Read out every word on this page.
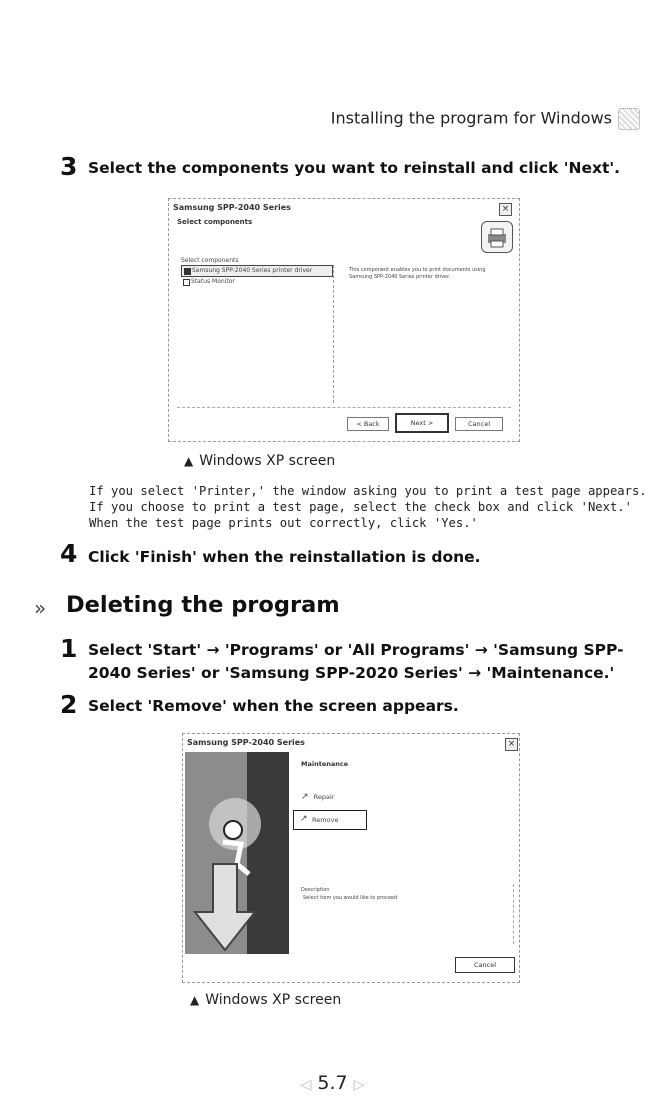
Installing the program for Windows
3 Select the components you want to reinstall and click 'Next'.
Samsung SPP-2040 Series	×
Select components
Select components
Samsung SPP-2040 Series printer driver
Status Monitor
This component enables you to print documents using Samsung SPP-2040 Series printer driver.
< Back	Next >	Cancel
▲ Windows XP screen
If you select 'Printer,' the window asking you to print a test page appears.
If you choose to print a test page, select the check box and click 'Next.'
When the test page prints out correctly, click 'Yes.'
4 Click 'Finish' when the reinstallation is done.
» Deleting the program
1 Select 'Start' → 'Programs' or 'All Programs' → 'Samsung SPP-
2040 Series' or 'Samsung SPP-2020 Series' → 'Maintenance.'
2 Select 'Remove' when the screen appears.
Samsung SPP-2040 Series	×
Maintenance
↗ Repair
↗ Remove
Description
Select item you would like to proceed
Cancel
▲ Windows XP screen
◁ 5.7 ▷
